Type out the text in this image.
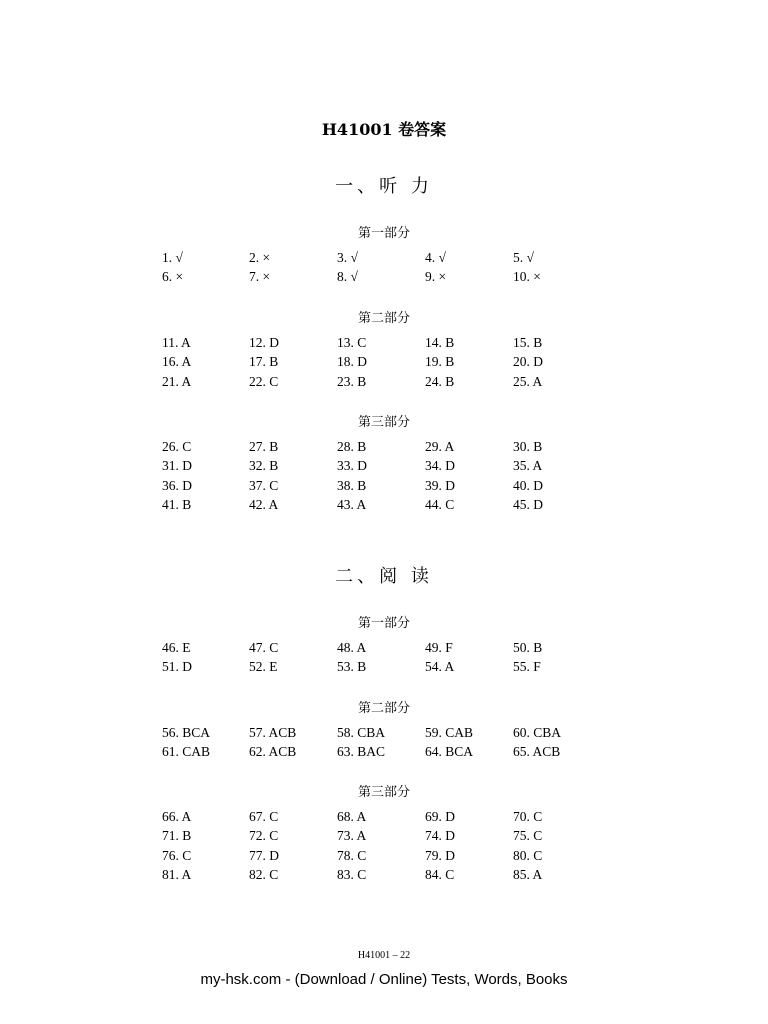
H41001 卷答案
一、听 力
第一部分
1. √	2. ×	3. √	4. √	5. √
6. ×	7. ×	8. √	9. ×	10. ×
第二部分
11. A	12. D	13. C	14. B	15. B
16. A	17. B	18. D	19. B	20. D
21. A	22. C	23. B	24. B	25. A
第三部分
26. C	27. B	28. B	29. A	30. B
31. D	32. B	33. D	34. D	35. A
36. D	37. C	38. B	39. D	40. D
41. B	42. A	43. A	44. C	45. D
二、阅 读
第一部分
46. E	47. C	48. A	49. F	50. B
51. D	52. E	53. B	54. A	55. F
第二部分
56. BCA	57. ACB	58. CBA	59. CAB	60. CBA
61. CAB	62. ACB	63. BAC	64. BCA	65. ACB
第三部分
66. A	67. C	68. A	69. D	70. C
71. B	72. C	73. A	74. D	75. C
76. C	77. D	78. C	79. D	80. C
81. A	82. C	83. C	84. C	85. A
H41001 – 22
my-hsk.com - (Download / Online) Tests, Words, Books
